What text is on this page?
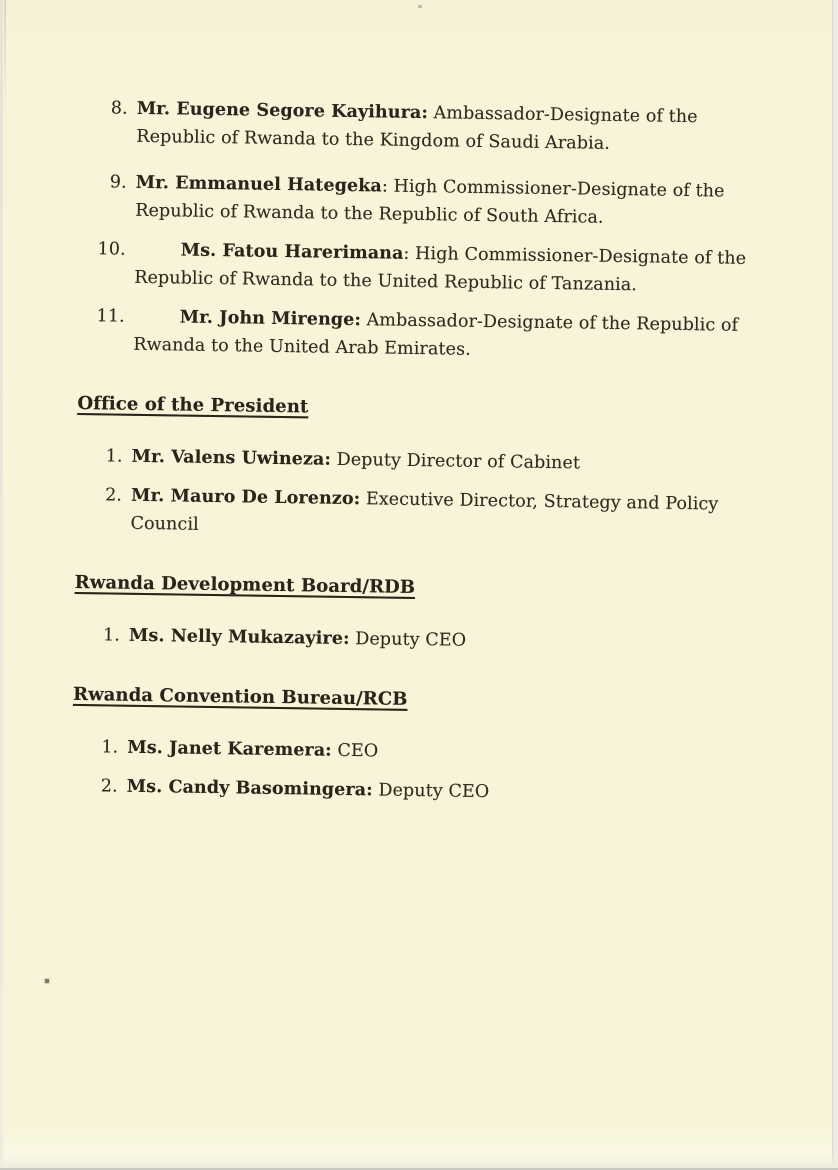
8. Mr. Eugene Segore Kayihura: Ambassador-Designate of the Republic of Rwanda to the Kingdom of Saudi Arabia.
9. Mr. Emmanuel Hategeka: High Commissioner-Designate of the Republic of Rwanda to the Republic of South Africa.
10.	Ms. Fatou Harerimana: High Commissioner-Designate of the Republic of Rwanda to the United Republic of Tanzania.
11.	Mr. John Mirenge: Ambassador-Designate of the Republic of Rwanda to the United Arab Emirates.
Office of the President
1. Mr. Valens Uwineza: Deputy Director of Cabinet
2. Mr. Mauro De Lorenzo: Executive Director, Strategy and Policy Council
Rwanda Development Board/RDB
1. Ms. Nelly Mukazayire: Deputy CEO
Rwanda Convention Bureau/RCB
1. Ms. Janet Karemera: CEO
2. Ms. Candy Basomingera: Deputy CEO
